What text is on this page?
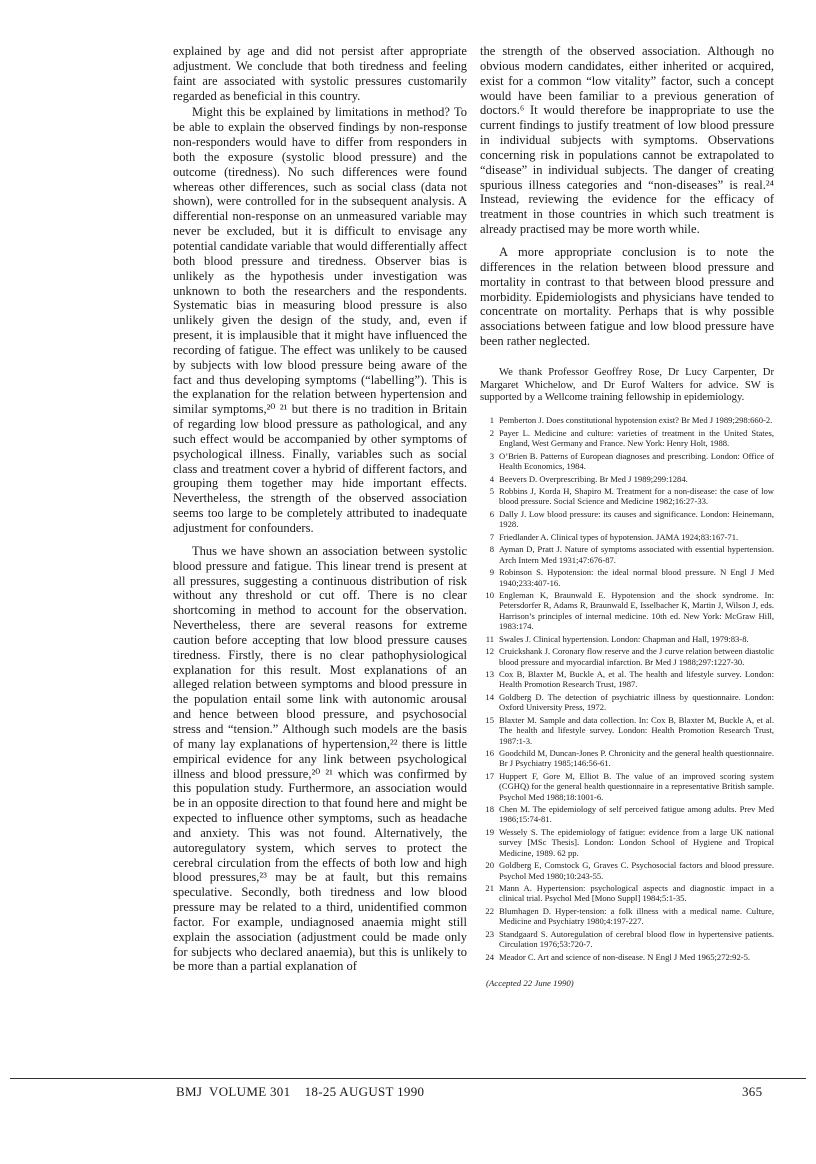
explained by age and did not persist after appropriate adjustment. We conclude that both tiredness and feeling faint are associated with systolic pressures customarily regarded as beneficial in this country.

Might this be explained by limitations in method? To be able to explain the observed findings by non-response non-responders would have to differ from responders in both the exposure (systolic blood pressure) and the outcome (tiredness). No such differences were found whereas other differences, such as social class (data not shown), were controlled for in the subsequent analysis. A differential non-response on an unmeasured variable may never be excluded, but it is difficult to envisage any potential candidate variable that would differentially affect both blood pressure and tiredness. Observer bias is unlikely as the hypothesis under investigation was unknown to both the researchers and the respondents. Systematic bias in measuring blood pressure is also unlikely given the design of the study, and, even if present, it is implausible that it might have influenced the recording of fatigue. The effect was unlikely to be caused by subjects with low blood pressure being aware of the fact and thus developing symptoms (“labelling”). This is the explanation for the relation between hypertension and similar symptoms,²⁰ ²¹ but there is no tradition in Britain of regarding low blood pressure as pathological, and any such effect would be accompanied by other symptoms of psychological illness. Finally, variables such as social class and treatment cover a hybrid of different factors, and grouping them together may hide important effects. Nevertheless, the strength of the observed association seems too large to be completely attributed to inadequate adjustment for confounders.

Thus we have shown an association between systolic blood pressure and fatigue. This linear trend is present at all pressures, suggesting a continuous distribution of risk without any threshold or cut off. There is no clear shortcoming in method to account for the observation. Nevertheless, there are several reasons for extreme caution before accepting that low blood pressure causes tiredness. Firstly, there is no clear pathophysiological explanation for this result. Most explanations of an alleged relation between symptoms and blood pressure in the population entail some link with autonomic arousal and hence between blood pressure, and psychosocial stress and “tension.” Although such models are the basis of many lay explanations of hypertension,²² there is little empirical evidence for any link between psychological illness and blood pressure,²⁰ ²¹ which was confirmed by this population study. Furthermore, an association would be in an opposite direction to that found here and might be expected to influence other symptoms, such as headache and anxiety. This was not found. Alternatively, the autoregulatory system, which serves to protect the cerebral circulation from the effects of both low and high blood pressures,²³ may be at fault, but this remains speculative. Secondly, both tiredness and low blood pressure may be related to a third, unidentified common factor. For example, undiagnosed anaemia might still explain the association (adjustment could be made only for subjects who declared anaemia), but this is unlikely to be more than a partial explanation of

the strength of the observed association. Although no obvious modern candidates, either inherited or acquired, exist for a common “low vitality” factor, such a concept would have been familiar to a previous generation of doctors.⁶ It would therefore be inappropriate to use the current findings to justify treatment of low blood pressure in individual subjects with symptoms. Observations concerning risk in populations cannot be extrapolated to “disease” in individual subjects. The danger of creating spurious illness categories and “non-diseases” is real.²⁴ Instead, reviewing the evidence for the efficacy of treatment in those countries in which such treatment is already practised may be more worth while.

A more appropriate conclusion is to note the differences in the relation between blood pressure and mortality in contrast to that between blood pressure and morbidity. Epidemiologists and physicians have tended to concentrate on mortality. Perhaps that is why possible associations between fatigue and low blood pressure have been rather neglected.

We thank Professor Geoffrey Rose, Dr Lucy Carpenter, Dr Margaret Whichelow, and Dr Eurof Walters for advice. SW is supported by a Wellcome training fellowship in epidemiology.

1 Pemberton J. Does constitutional hypotension exist? Br Med J 1989;298:660-2.
2 Payer L. Medicine and culture: varieties of treatment in the United States, England, West Germany and France. New York: Henry Holt, 1988.
3 O’Brien B. Patterns of European diagnoses and prescribing. London: Office of Health Economics, 1984.
4 Beevers D. Overprescribing. Br Med J 1989;299:1284.
5 Robbins J, Korda H, Shapiro M. Treatment for a non-disease: the case of low blood pressure. Social Science and Medicine 1982;16:27-33.
6 Dally J. Low blood pressure: its causes and significance. London: Heinemann, 1928.
7 Friedlander A. Clinical types of hypotension. JAMA 1924;83:167-71.
8 Ayman D, Pratt J. Nature of symptoms associated with essential hypertension. Arch Intern Med 1931;47:676-87.
9 Robinson S. Hypotension: the ideal normal blood pressure. N Engl J Med 1940;233:407-16.
10 Engleman K, Braunwald E. Hypotension and the shock syndrome. In: Petersdorfer R, Adams R, Braunwald E, Isselbacher K, Martin J, Wilson J, eds. Harrison’s principles of internal medicine. 10th ed. New York: McGraw Hill, 1983:174.
11 Swales J. Clinical hypertension. London: Chapman and Hall, 1979:83-8.
12 Cruickshank J. Coronary flow reserve and the J curve relation between diastolic blood pressure and myocardial infarction. Br Med J 1988;297:1227-30.
13 Cox B, Blaxter M, Buckle A, et al. The health and lifestyle survey. London: Health Promotion Research Trust, 1987.
14 Goldberg D. The detection of psychiatric illness by questionnaire. London: Oxford University Press, 1972.
15 Blaxter M. Sample and data collection. In: Cox B, Blaxter M, Buckle A, et al. The health and lifestyle survey. London: Health Promotion Research Trust, 1987:1-3.
16 Goodchild M, Duncan-Jones P. Chronicity and the general health questionnaire. Br J Psychiatry 1985;146:56-61.
17 Huppert F, Gore M, Elliot B. The value of an improved scoring system (CGHQ) for the general health questionnaire in a representative British sample. Psychol Med 1988;18:1001-6.
18 Chen M. The epidemiology of self perceived fatigue among adults. Prev Med 1986;15:74-81.
19 Wessely S. The epidemiology of fatigue: evidence from a large UK national survey [MSc Thesis]. London: London School of Hygiene and Tropical Medicine, 1989. 62 pp.
20 Goldberg E, Comstock G, Graves C. Psychosocial factors and blood pressure. Psychol Med 1980;10:243-55.
21 Mann A. Hypertension: psychological aspects and diagnostic impact in a clinical trial. Psychol Med [Mono Suppl] 1984;5:1-35.
22 Blumhagen D. Hyper-tension: a folk illness with a medical name. Culture, Medicine and Psychiatry 1980;4:197-227.
23 Standgaard S. Autoregulation of cerebral blood flow in hypertensive patients. Circulation 1976;53:720-7.
24 Meador C. Art and science of non-disease. N Engl J Med 1965;272:92-5.
(Accepted 22 June 1990)
BMJ  VOLUME 301    18-25 AUGUST 1990	365
